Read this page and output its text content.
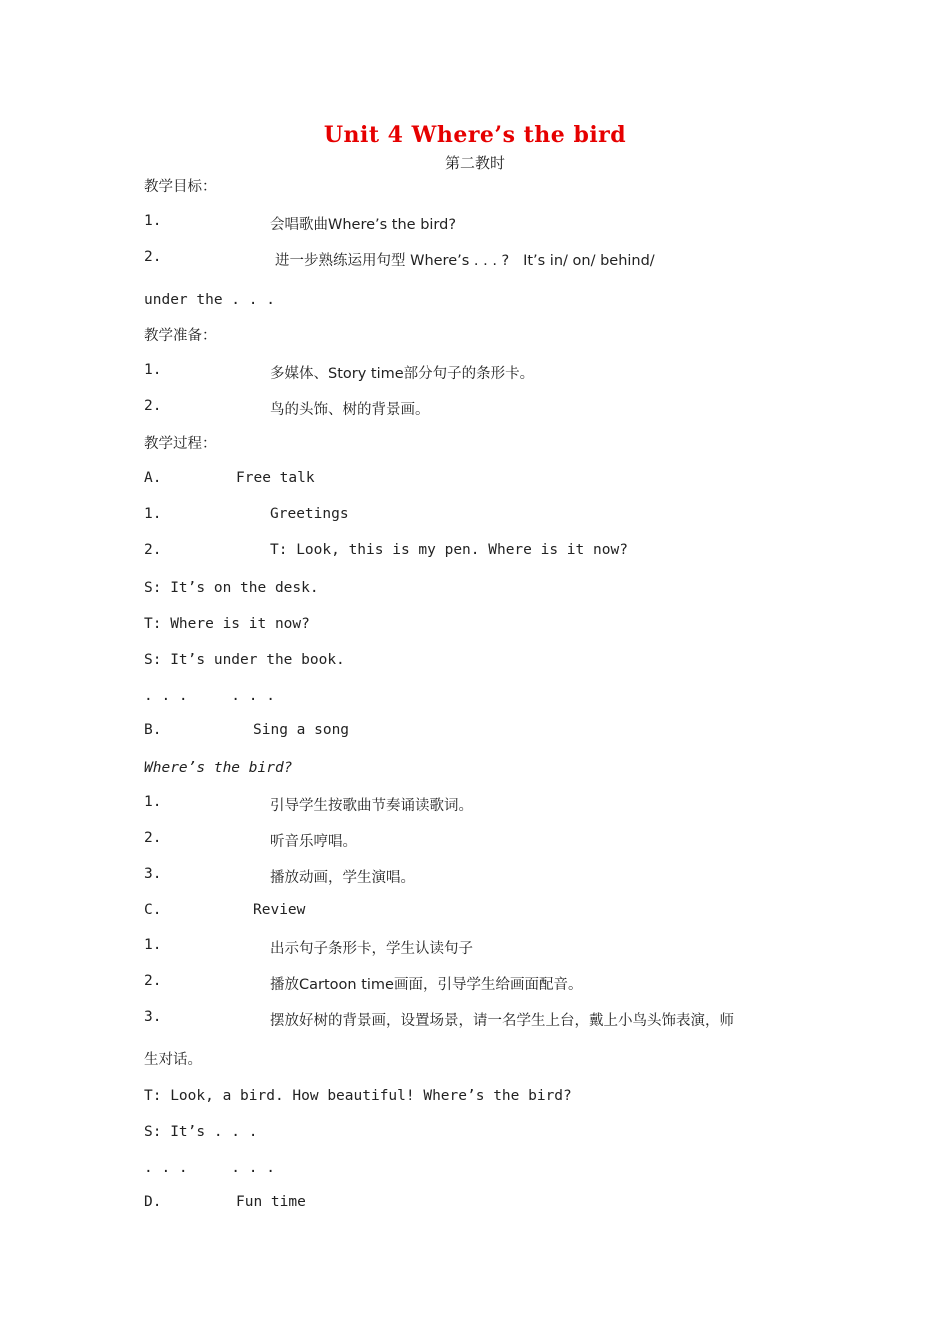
Unit 4 Where’s the bird
第二教时
教学目标：
1.	会唱歌曲Where’s the bird?
2.	进一步熟练运用句型 Where’s . . . ?   It’s in/ on/ behind/
under the . . .
教学准备：
1.	多媒体、Story time部分句子的条形卡。
2.	鸟的头饰、树的背景画。
教学过程：
A.	Free talk
1.	Greetings
2.	T: Look, this is my pen. Where is it now?
S: It’s on the desk.
T: Where is it now?
S: It’s under the book.
. . .     . . .
B.	Sing a song
Where’s the bird?
1.	引导学生按歌曲节奏诵读歌词。
2.	听音乐哼唱。
3.	播放动画，学生演唱。
C.	Review
1.	出示句子条形卡，学生认读句子
2.	播放Cartoon time画面，引导学生给画面配音。
3.	摆放好树的背景画，设置场景，请一名学生上台，戴上小鸟头饰表演，师
生对话。
T: Look, a bird. How beautiful! Where’s the bird?
S: It’s . . .
. . .     . . .
D.	Fun time
